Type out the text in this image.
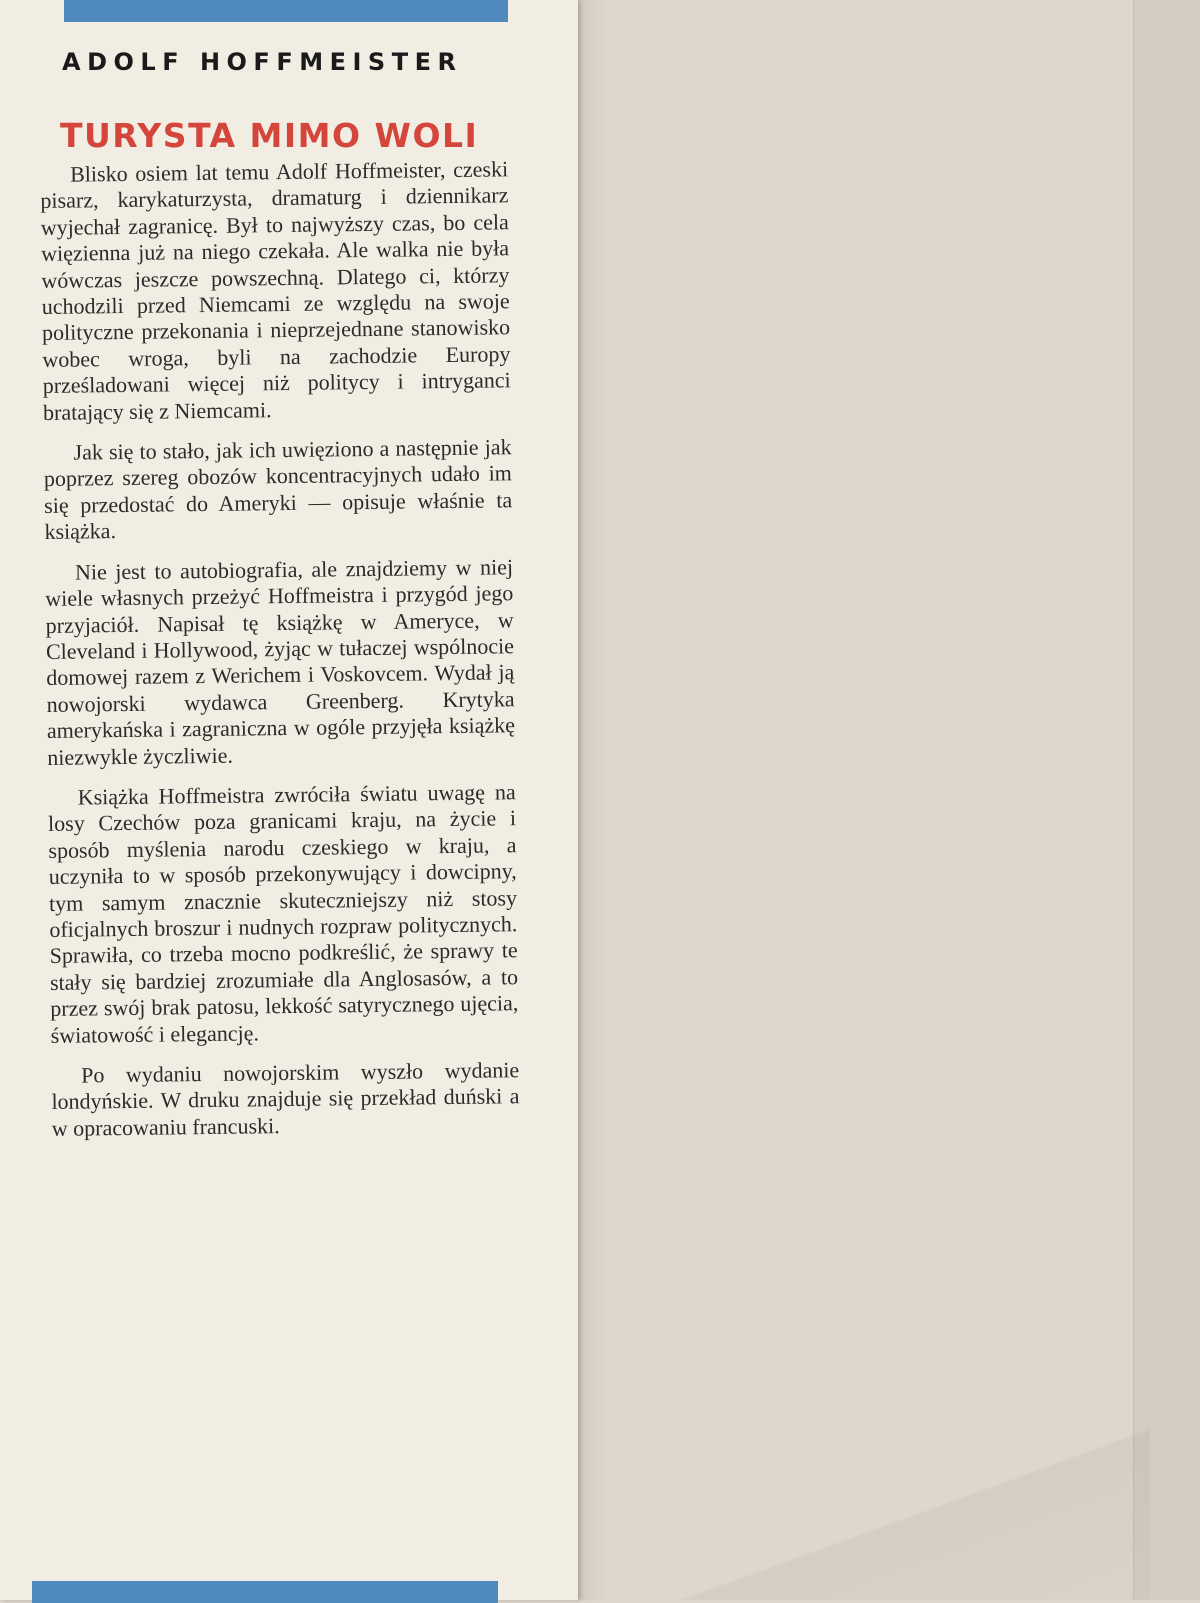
ADOLF HOFFMEISTER
TURYSTA MIMO WOLI

Blisko osiem lat temu Adolf Hoffmeister, czeski pisarz, karykaturzysta, dramaturg i dziennikarz wyjechał zagranicę. Był to najwyższy czas, bo cela więzienna już na niego czekała. Ale walka nie była wówczas jeszcze powszechną. Dlatego ci, którzy uchodzili przed Niemcami ze względu na swoje polityczne przekonania i nieprzejednane stanowisko wobec wroga, byli na zachodzie Europy prześladowani więcej niż politycy i intryganci bratający się z Niemcami.

Jak się to stało, jak ich uwięziono a następnie jak poprzez szereg obozów koncentracyjnych udało im się przedostać do Ameryki — opisuje właśnie ta książka.

Nie jest to autobiografia, ale znajdziemy w niej wiele własnych przeżyć Hoffmeistra i przygód jego przyjaciół. Napisał tę książkę w Ameryce, w Cleveland i Hollywood, żyjąc w tułaczej wspólnocie domowej razem z Werichem i Voskovcem. Wydał ją nowojorski wydawca Greenberg. Krytyka amerykańska i zagraniczna w ogóle przyjęła książkę niezwykle życzliwie.

Książka Hoffmeistra zwróciła światu uwagę na losy Czechów poza granicami kraju, na życie i sposób myślenia narodu czeskiego w kraju, a uczyniła to w sposób przekonywujący i dowcipny, tym samym znacznie skuteczniejszy niż stosy oficjalnych broszur i nudnych rozpraw politycznych. Sprawiła, co trzeba mocno podkreślić, że sprawy te stały się bardziej zrozumiałe dla Anglosasów, a to przez swój brak patosu, lekkość satyrycznego ujęcia, światowość i elegancję.

Po wydaniu nowojorskim wyszło wydanie londyńskie. W druku znajduje się przekład duński a w opracowaniu francuski.
